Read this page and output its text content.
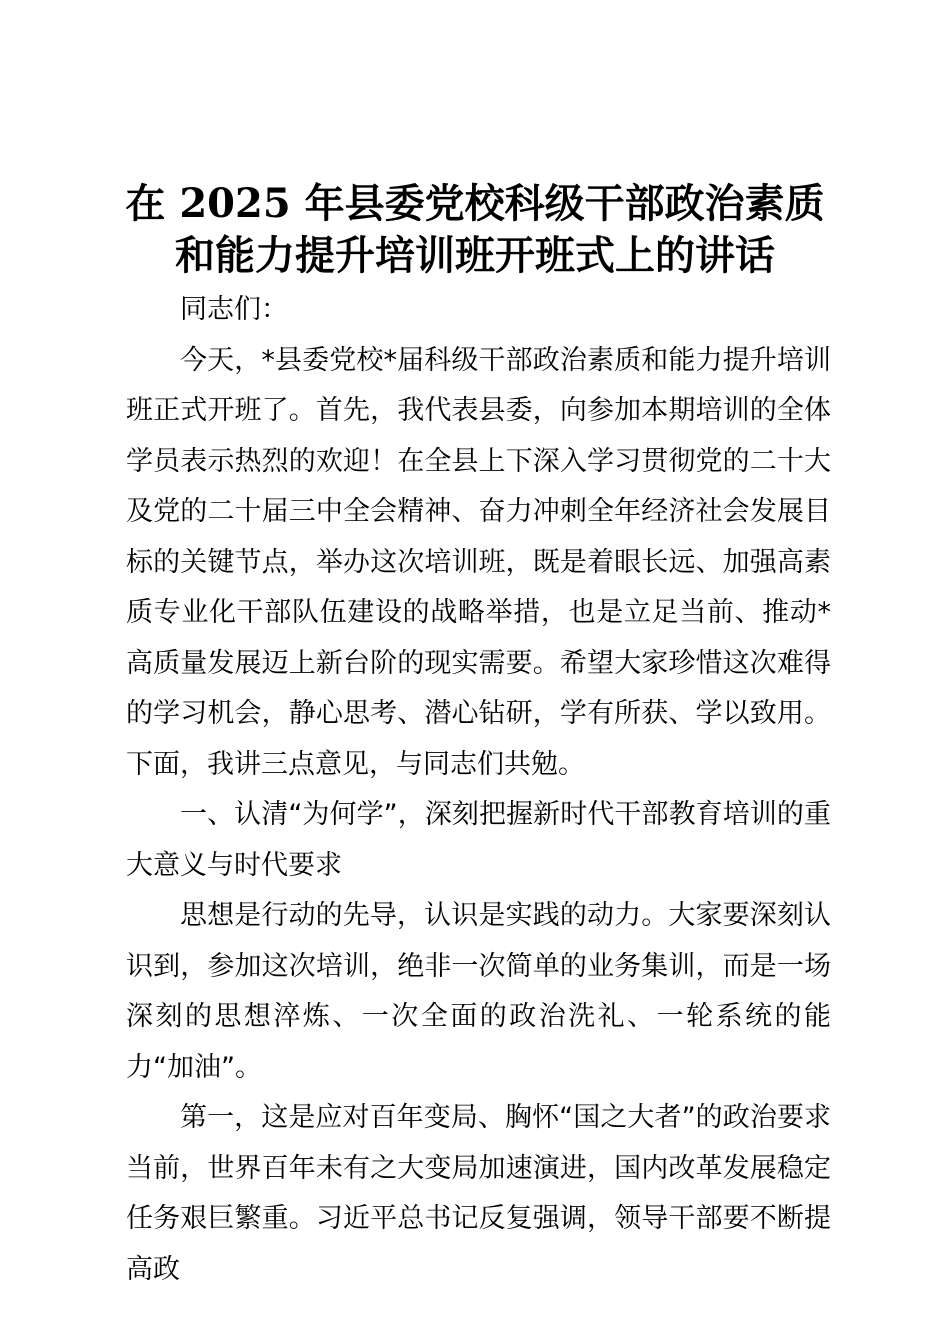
在 2025 年县委党校科级干部政治素质
和能力提升培训班开班式上的讲话

同志们：

今天，*县委党校*届科级干部政治素质和能力提升培训班正式开班了。首先，我代表县委，向参加本期培训的全体学员表示热烈的欢迎！在全县上下深入学习贯彻党的二十大及党的二十届三中全会精神、奋力冲刺全年经济社会发展目标的关键节点，举办这次培训班，既是着眼长远、加强高素质专业化干部队伍建设的战略举措，也是立足当前、推动*高质量发展迈上新台阶的现实需要。希望大家珍惜这次难得的学习机会，静心思考、潜心钻研，学有所获、学以致用。下面，我讲三点意见，与同志们共勉。

一、认清“为何学”，深刻把握新时代干部教育培训的重大意义与时代要求

思想是行动的先导，认识是实践的动力。大家要深刻认识到，参加这次培训，绝非一次简单的业务集训，而是一场深刻的思想淬炼、一次全面的政治洗礼、一轮系统的能力“加油”。

第一，这是应对百年变局、胸怀“国之大者”的政治要求当前，世界百年未有之大变局加速演进，国内改革发展稳定任务艰巨繁重。习近平总书记反复强调，领导干部要不断提高政
